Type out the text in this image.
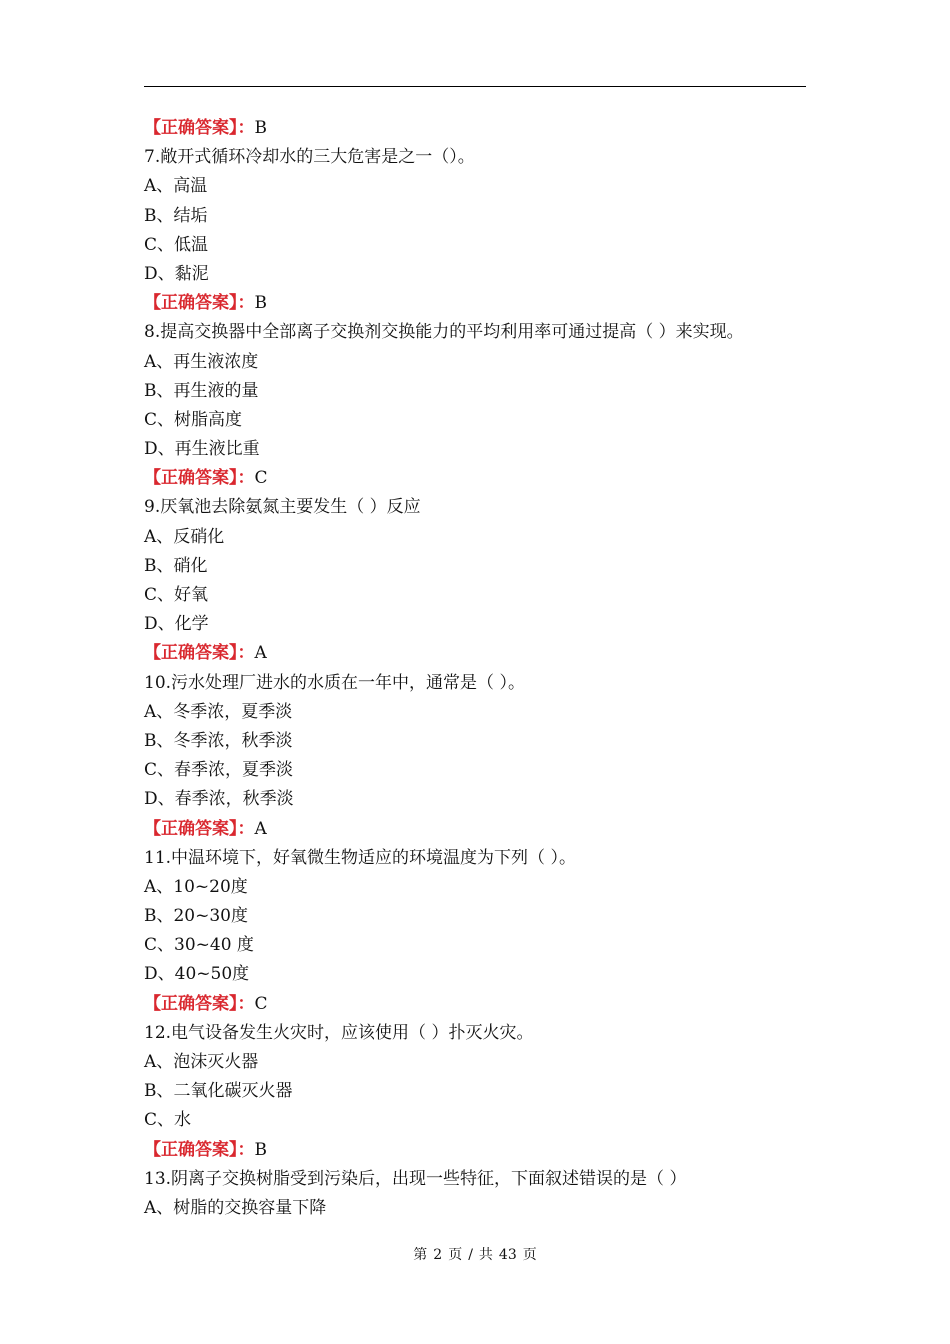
【正确答案】：B
7.敞开式循环冷却水的三大危害是之一（）。
A、高温
B、结垢
C、低温
D、黏泥
【正确答案】：B
8.提高交换器中全部离子交换剂交换能力的平均利用率可通过提高（ ）来实现。
A、再生液浓度
B、再生液的量
C、树脂高度
D、再生液比重
【正确答案】：C
9.厌氧池去除氨氮主要发生（ ）反应
A、反硝化
B、硝化
C、好氧
D、化学
【正确答案】：A
10.污水处理厂进水的水质在一年中，通常是（ ）。
A、冬季浓，夏季淡
B、冬季浓，秋季淡
C、春季浓，夏季淡
D、春季浓，秋季淡
【正确答案】：A
11.中温环境下，好氧微生物适应的环境温度为下列（ ）。
A、10~20度
B、20~30度
C、30~40 度
D、40~50度
【正确答案】：C
12.电气设备发生火灾时，应该使用（ ）扑灭火灾。
A、泡沫灭火器
B、二氧化碳灭火器
C、水
【正确答案】：B
13.阴离子交换树脂受到污染后，出现一些特征，下面叙述错误的是（ ）
A、树脂的交换容量下降
第 2 页 / 共 43 页
